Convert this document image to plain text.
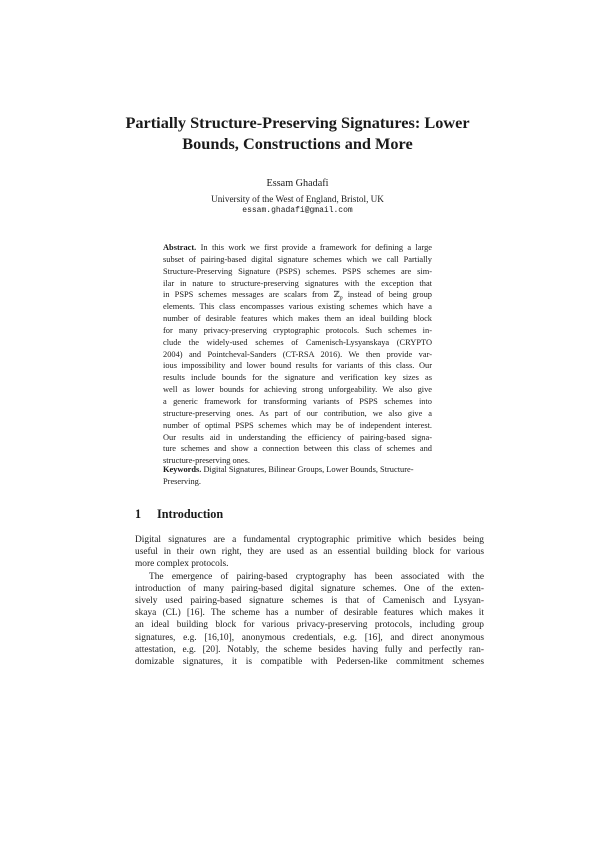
Partially Structure-Preserving Signatures: Lower
Bounds, Constructions and More
Essam Ghadafi
University of the West of England, Bristol, UK
essam.ghadafi@gmail.com
Abstract. In this work we first provide a framework for defining a large
subset of pairing-based digital signature schemes which we call Partially
Structure-Preserving Signature (PSPS) schemes. PSPS schemes are sim-
ilar in nature to structure-preserving signatures with the exception that
in PSPS schemes messages are scalars from ℤ$_p$ instead of being group
elements. This class encompasses various existing schemes which have a
number of desirable features which makes them an ideal building block
for many privacy-preserving cryptographic protocols. Such schemes in-
clude the widely-used schemes of Camenisch-Lysyanskaya (CRYPTO
2004) and Pointcheval-Sanders (CT-RSA 2016). We then provide var-
ious impossibility and lower bound results for variants of this class. Our
results include bounds for the signature and verification key sizes as
well as lower bounds for achieving strong unforgeability. We also give
a generic framework for transforming variants of PSPS schemes into
structure-preserving ones. As part of our contribution, we also give a
number of optimal PSPS schemes which may be of independent interest.
Our results aid in understanding the efficiency of pairing-based signa-
ture schemes and show a connection between this class of schemes and
structure-preserving ones.
Keywords. Digital Signatures, Bilinear Groups, Lower Bounds, Structure-
Preserving.
1 Introduction
Digital signatures are a fundamental cryptographic primitive which besides being
useful in their own right, they are used as an essential building block for various
more complex protocols.
The emergence of pairing-based cryptography has been associated with the
introduction of many pairing-based digital signature schemes. One of the exten-
sively used pairing-based signature schemes is that of Camenisch and Lysyan-
skaya (CL) [16]. The scheme has a number of desirable features which makes it
an ideal building block for various privacy-preserving protocols, including group
signatures, e.g. [16,10], anonymous credentials, e.g. [16], and direct anonymous
attestation, e.g. [20]. Notably, the scheme besides having fully and perfectly ran-
domizable signatures, it is compatible with Pedersen-like commitment schemes
